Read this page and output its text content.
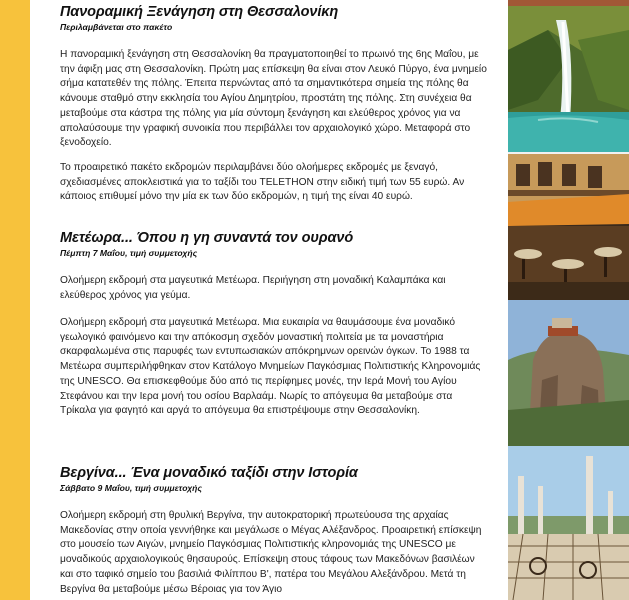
Πανοραμική Ξενάγηση στη Θεσσαλονίκη
Περιλαμβάνεται στο πακέτο

Η πανοραμική ξενάγηση στη Θεσσαλονίκη θα πραγματοποιηθεί το πρωινό της 6ης Μαΐου, με την άφιξη μας στη Θεσσαλονίκη. Πρώτη μας επίσκεψη θα είναι στον Λευκό Πύργο, ένα μνημείο σήμα κατατεθέν της πόλης. Έπειτα περνώντας από τα σημαντικότερα σημεία της πόλης θα κάνουμε σταθμό στην εκκλησία του Αγίου Δημητρίου, προστάτη της πόλης. Στη συνέχεια θα μεταβούμε στα κάστρα της πόλης για μία σύντομη ξενάγηση και ελεύθερος χρόνος για να απολαύσουμε την γραφική συνοικία που περιβάλλει τον αρχαιολογικό χώρο. Μεταφορά στο ξενοδοχείο.

Το προαιρετικό πακέτο εκδρομών περιλαμβάνει δύο ολοήμερες εκδρομές με ξεναγό, σχεδιασμένες αποκλειστικά για το ταξίδι του TELETHON στην ειδική τιμή των 55 ευρώ. Αν κάποιος επιθυμεί μόνο την μία εκ των δύο εκδρομών, η τιμή της είναι 40 ευρώ.

Μετέωρα... Όπου η γη συναντά τον ουρανό
Πέμπτη 7 Μαΐου, τιμή συμμετοχής

Ολοήμερη εκδρομή στα μαγευτικά Μετέωρα. Περιήγηση στη μοναδική Καλαμπάκα και ελεύθερος χρόνος για γεύμα.

Ολοήμερη εκδρομή στα μαγευτικά Μετέωρα. Μια ευκαιρία να θαυμάσουμε ένα μοναδικό γεωλογικό φαινόμενο και την απόκοσμη σχεδόν μοναστική πολιτεία με τα μοναστήρια σκαρφαλωμένα στις παρυφές των εντυπωσιακών απόκρημνων ορεινών όγκων. Το 1988 τα Μετέωρα συμπεριλήφθηκαν στον Κατάλογο Μνημείων Παγκόσμιας Πολιτιστικής Κληρονομιάς της UNESCO. Θα επισκεφθούμε δύο από τις περίφημες μονές, την Ιερά Μονή του Αγίου Στεφάνου και την Ιερα μονή του οσίου Βαρλαάμ. Νωρίς το απόγευμα θα μεταβούμε στα Τρίκαλα για φαγητό και αργά το απόγευμα θα επιστρέψουμε στην Θεσσαλονίκη.

Βεργίνα... Ένα μοναδικό ταξίδι στην Ιστορία
Σάββατο 9 Μαΐου, τιμή συμμετοχής

Ολοήμερη εκδρομή στη θρυλική Βεργίνα, την αυτοκρατορική πρωτεύουσα της αρχαίας Μακεδονίας στην οποία γεννήθηκε και μεγάλωσε ο Μέγας Αλέξανδρος. Προαιρετική επίσκεψη στο μουσείο των Αιγών, μνημείο Παγκόσμιας Πολιτιστικής κληρονομιάς της UNESCO με μοναδικούς αρχαιολογικούς θησαυρούς. Επίσκεψη στους τάφους των Μακεδόνων βασιλέων και στο ταφικό σημείο του βασιλιά Φιλίππου Β', πατέρα του Μεγάλου Αλεξάνδρου. Μετά τη Βεργίνα θα μεταβούμε μέσω Βέροιας για τον Άγιο
